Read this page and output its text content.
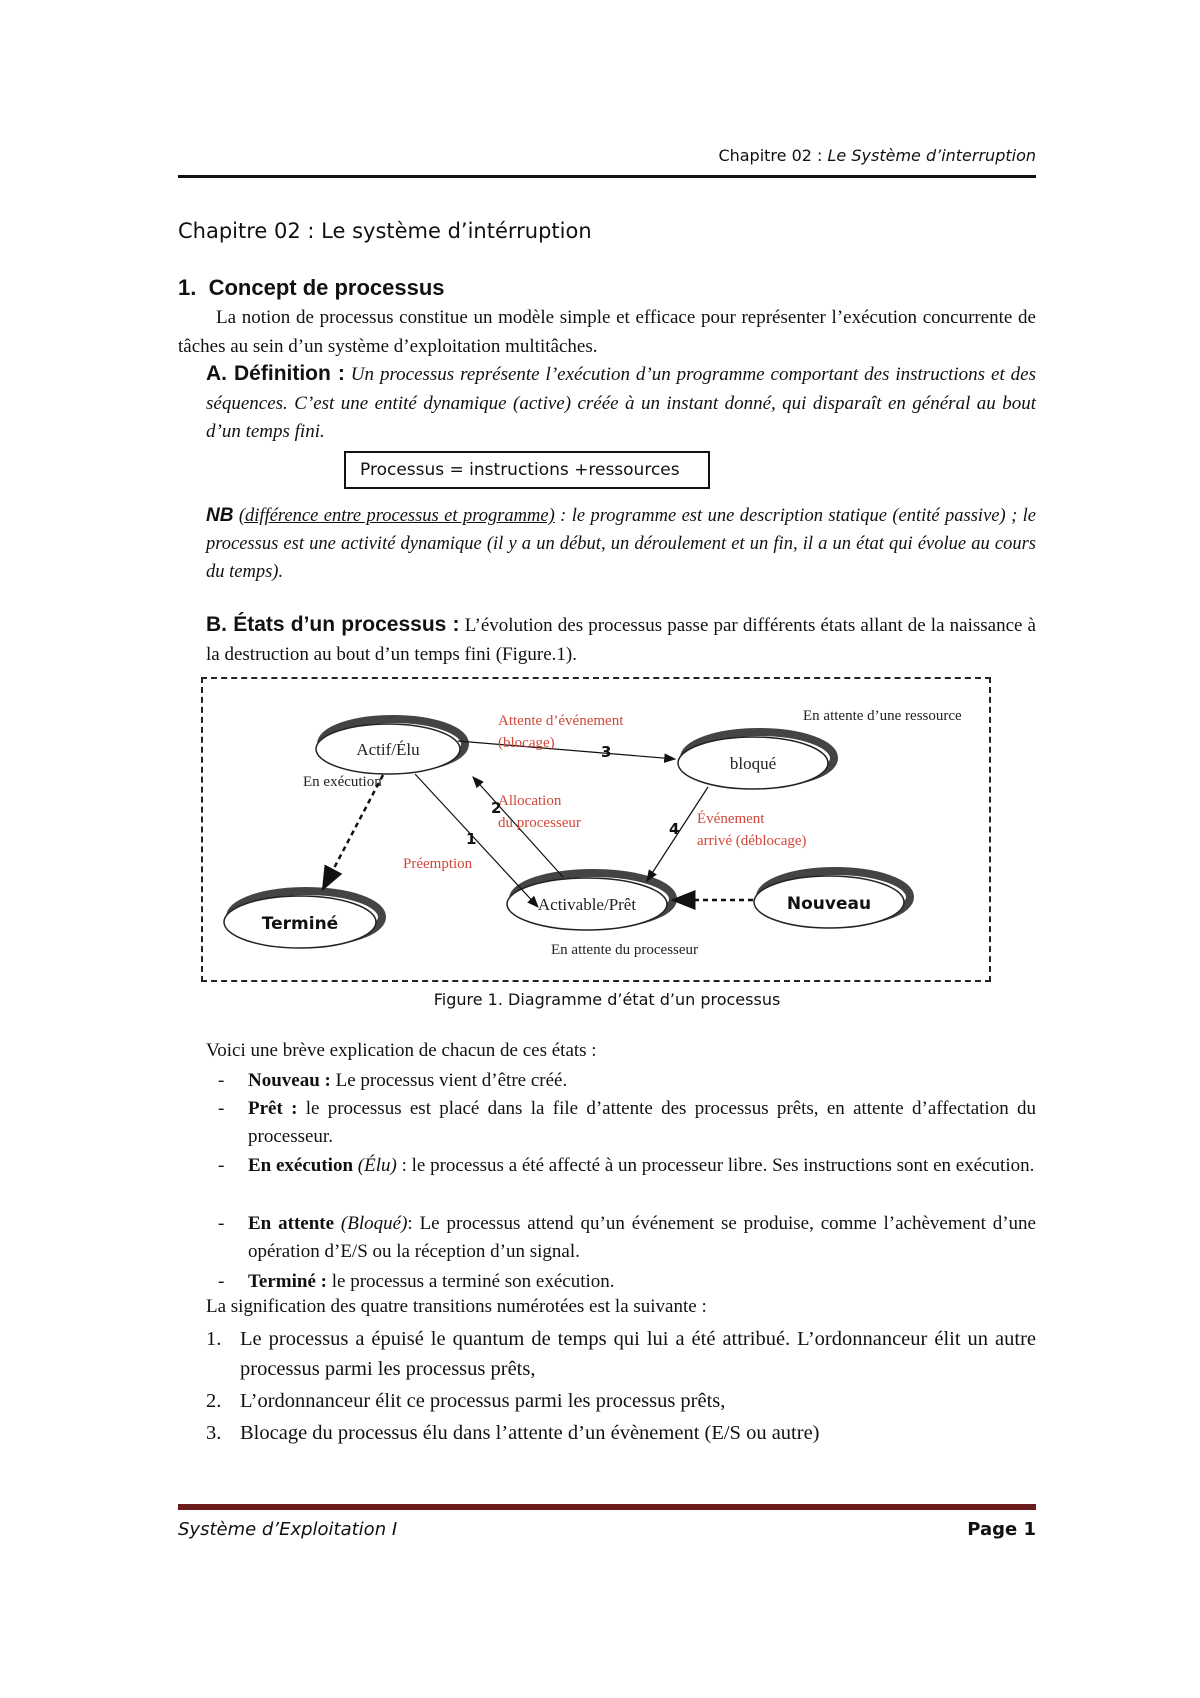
Chapitre 02 : Le Système d’interruption
Chapitre 02 : Le système d’intérruption
1. Concept de processus
La notion de processus constitue un modèle simple et efficace pour représenter l’exécution concurrente de tâches au sein d’un système d’exploitation multitâches.
A. Définition : Un processus représente l’exécution d’un programme comportant des instructions et des séquences. C’est une entité dynamique (active) créée à un instant donné, qui disparaît en général au bout d’un temps fini.
Processus = instructions +ressources
NB (différence entre processus et programme) : le programme est une description statique (entité passive) ; le processus est une activité dynamique (il y a un début, un déroulement et un fin, il a un état qui évolue au cours du temps).
B. États d’un processus : L’évolution des processus passe par différents états allant de la naissance à la destruction au bout d’un temps fini (Figure.1).
Actif/Élu
bloqué
Terminé
Activable/Prêt	Nouveau
Attente d’événement
(blocage)
En attente d’une ressource
En exécution
Allocation
du processeur
Préemption
Événement
arrivé (déblocage)
En attente du processeur
1
2
3
4
Figure 1. Diagramme d’état d’un processus
Voici une brève explication de chacun de ces états :
- Nouveau : Le processus vient d’être créé.
- Prêt : le processus est placé dans la file d’attente des processus prêts, en attente d’affectation du processeur.
- En exécution (Élu) : le processus a été affecté à un processeur libre. Ses instructions sont en exécution.
- En attente (Bloqué): Le processus attend qu’un événement se produise, comme l’achèvement d’une opération d’E/S ou la réception d’un signal.
- Terminé : le processus a terminé son exécution.
La signification des quatre transitions numérotées est la suivante :
1. Le processus a épuisé le quantum de temps qui lui a été attribué. L’ordonnanceur élit un autre processus parmi les processus prêts,
2. L’ordonnanceur élit ce processus parmi les processus prêts,
3. Blocage du processus élu dans l’attente d’un évènement (E/S ou autre)
Système d’Exploitation I	Page 1
